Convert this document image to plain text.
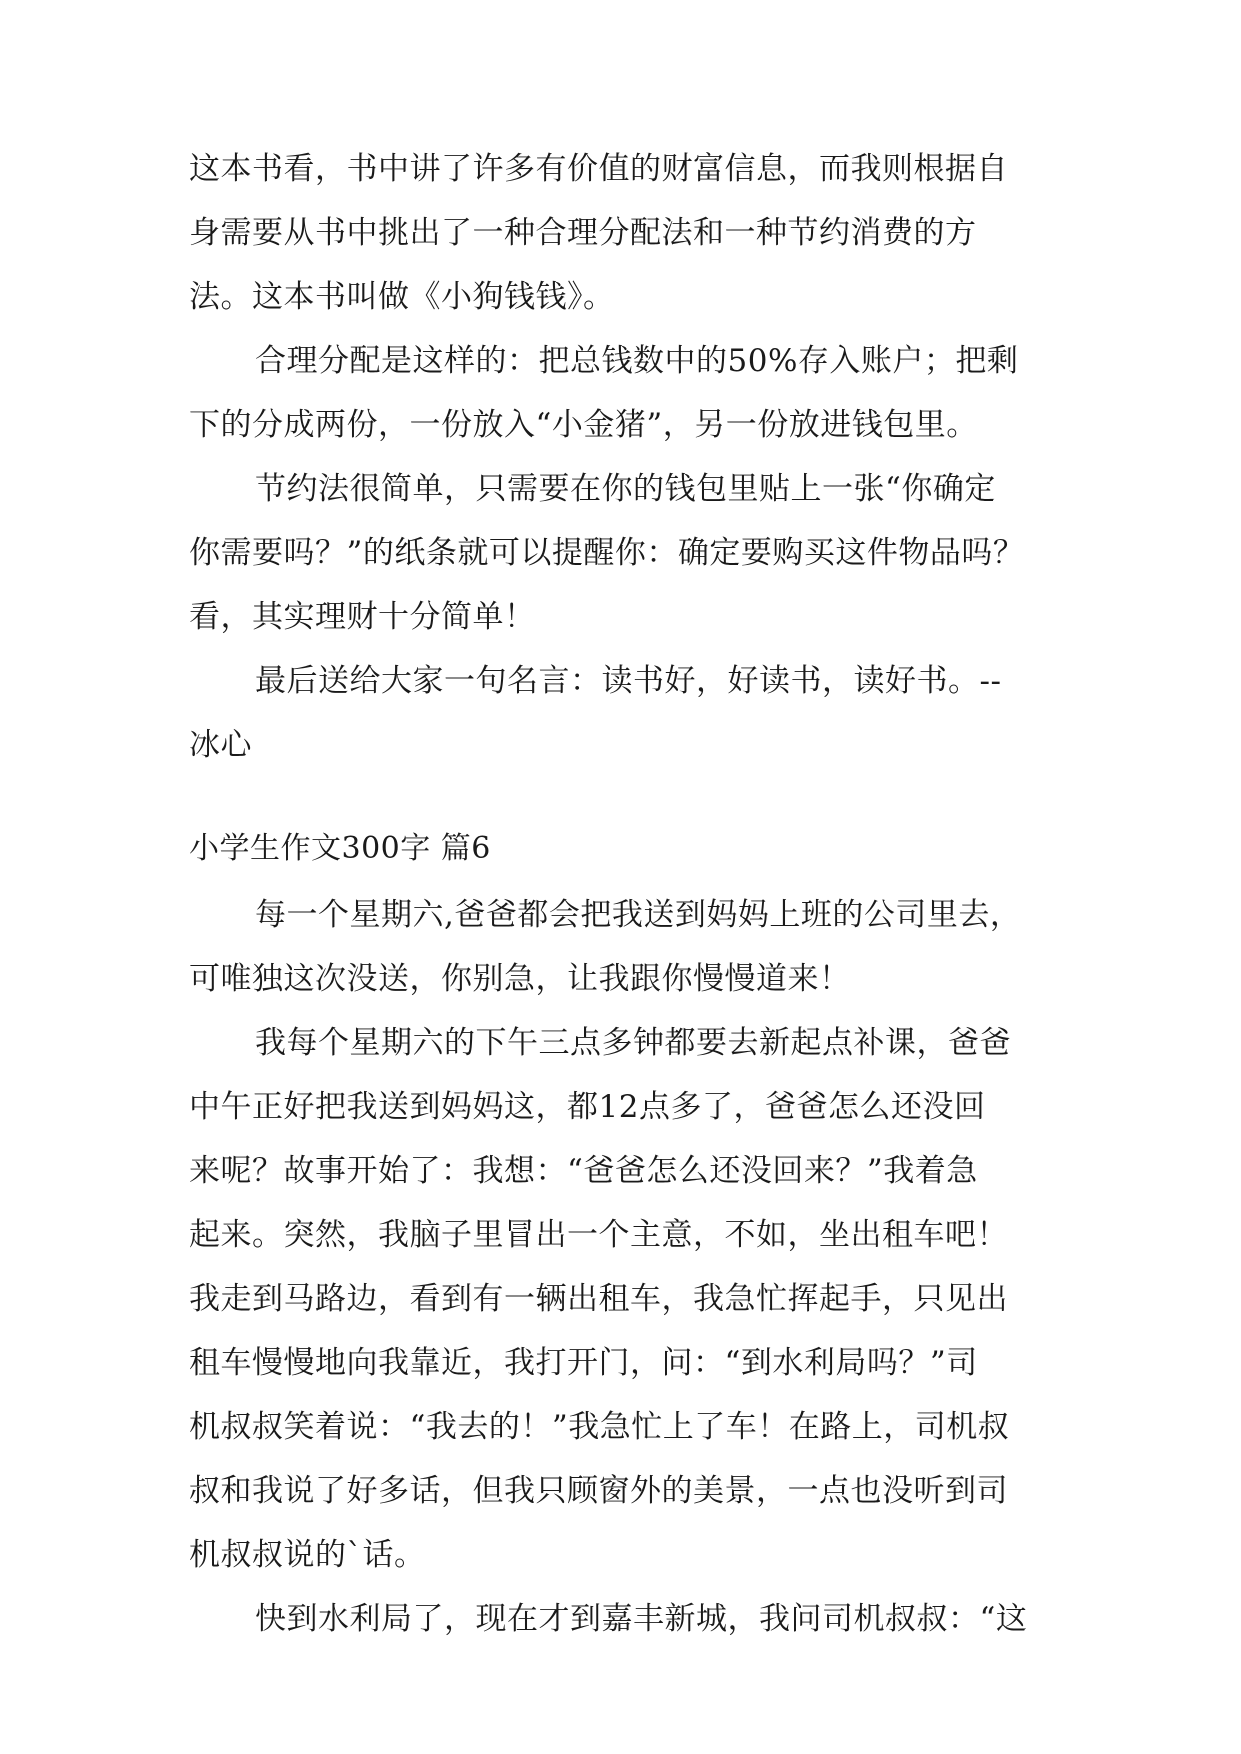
这本书看，书中讲了许多有价值的财富信息，而我则根据自
身需要从书中挑出了一种合理分配法和一种节约消费的方
法。这本书叫做《小狗钱钱》。
合理分配是这样的：把总钱数中的50%存入账户；把剩
下的分成两份，一份放入“小金猪”，另一份放进钱包里。
节约法很简单，只需要在你的钱包里贴上一张“你确定
你需要吗？”的纸条就可以提醒你：确定要购买这件物品吗？
看，其实理财十分简单！
最后送给大家一句名言：读书好，好读书，读好书。--
冰心
小学生作文300字 篇6
每一个星期六,爸爸都会把我送到妈妈上班的公司里去，
可唯独这次没送，你别急，让我跟你慢慢道来！
我每个星期六的下午三点多钟都要去新起点补课，爸爸
中午正好把我送到妈妈这，都12点多了，爸爸怎么还没回
来呢？故事开始了：我想：“爸爸怎么还没回来？”我着急
起来。突然，我脑子里冒出一个主意，不如，坐出租车吧！
我走到马路边，看到有一辆出租车，我急忙挥起手，只见出
租车慢慢地向我靠近，我打开门，问：“到水利局吗？”司
机叔叔笑着说：“我去的！”我急忙上了车！在路上，司机叔
叔和我说了好多话，但我只顾窗外的美景，一点也没听到司
机叔叔说的`话。
快到水利局了，现在才到嘉丰新城，我问司机叔叔：“这
